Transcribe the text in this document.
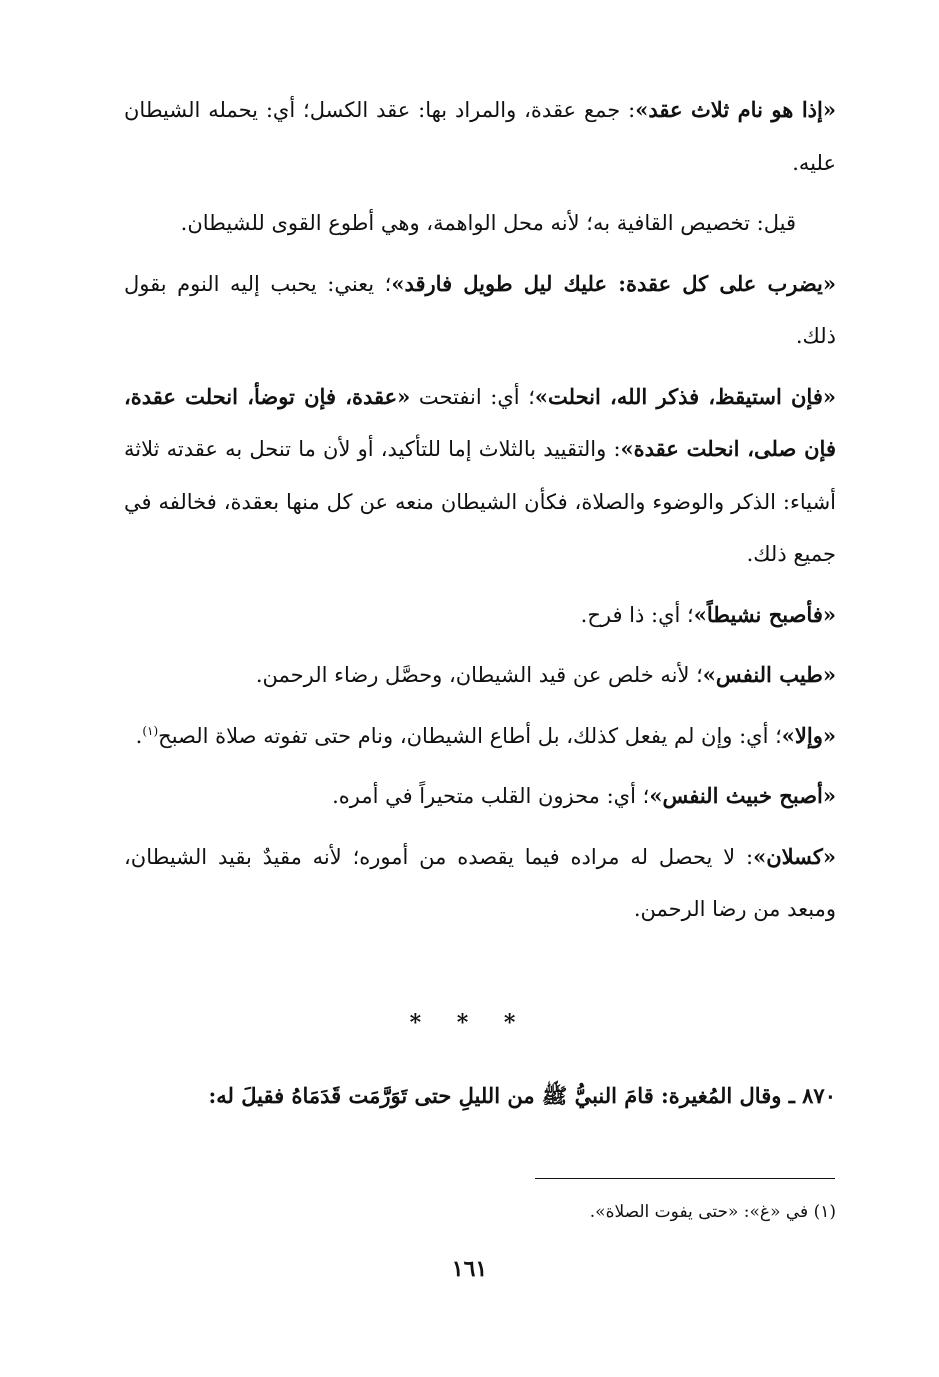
«إذا هو نام ثلاث عقد»: جمع عقدة، والمراد بها: عقد الكسل؛ أي: يحمله الشيطان عليه.

قيل: تخصيص القافية به؛ لأنه محل الواهمة، وهي أطوع القوى للشيطان.

«يضرب على كل عقدة: عليك ليل طويل فارقد»؛ يعني: يحبب إليه النوم بقول ذلك.

«فإن استيقظ، فذكر الله، انحلت»؛ أي: انفتحت «عقدة، فإن توضأ، انحلت عقدة، فإن صلى، انحلت عقدة»: والتقييد بالثلاث إما للتأكيد، أو لأن ما تنحل به عقدته ثلاثة أشياء: الذكر والوضوء والصلاة، فكأن الشيطان منعه عن كل منها بعقدة، فخالفه في جميع ذلك.

«فأصبح نشيطاً»؛ أي: ذا فرح.

«طيب النفس»؛ لأنه خلص عن قيد الشيطان، وحصَّل رضاء الرحمن.

«وإلا»؛ أي: وإن لم يفعل كذلك، بل أطاع الشيطان، ونام حتى تفوته صلاة الصبح$^{(١)}$.

«أصبح خبيث النفس»؛ أي: محزون القلب متحيراً في أمره.

«كسلان»: لا يحصل له مراده فيما يقصده من أموره؛ لأنه مقيدٌ بقيد الشيطان، ومبعد من رضا الرحمن.

* * *
٨٧٠ ـ وقال المُغيرة: قامَ النبيُّ ﷺ من الليلِ حتى تَوَرَّمَت قَدَمَاهُ فقيلَ له:
(١) في «غ»: «حتى يفوت الصلاة».
١٦١
